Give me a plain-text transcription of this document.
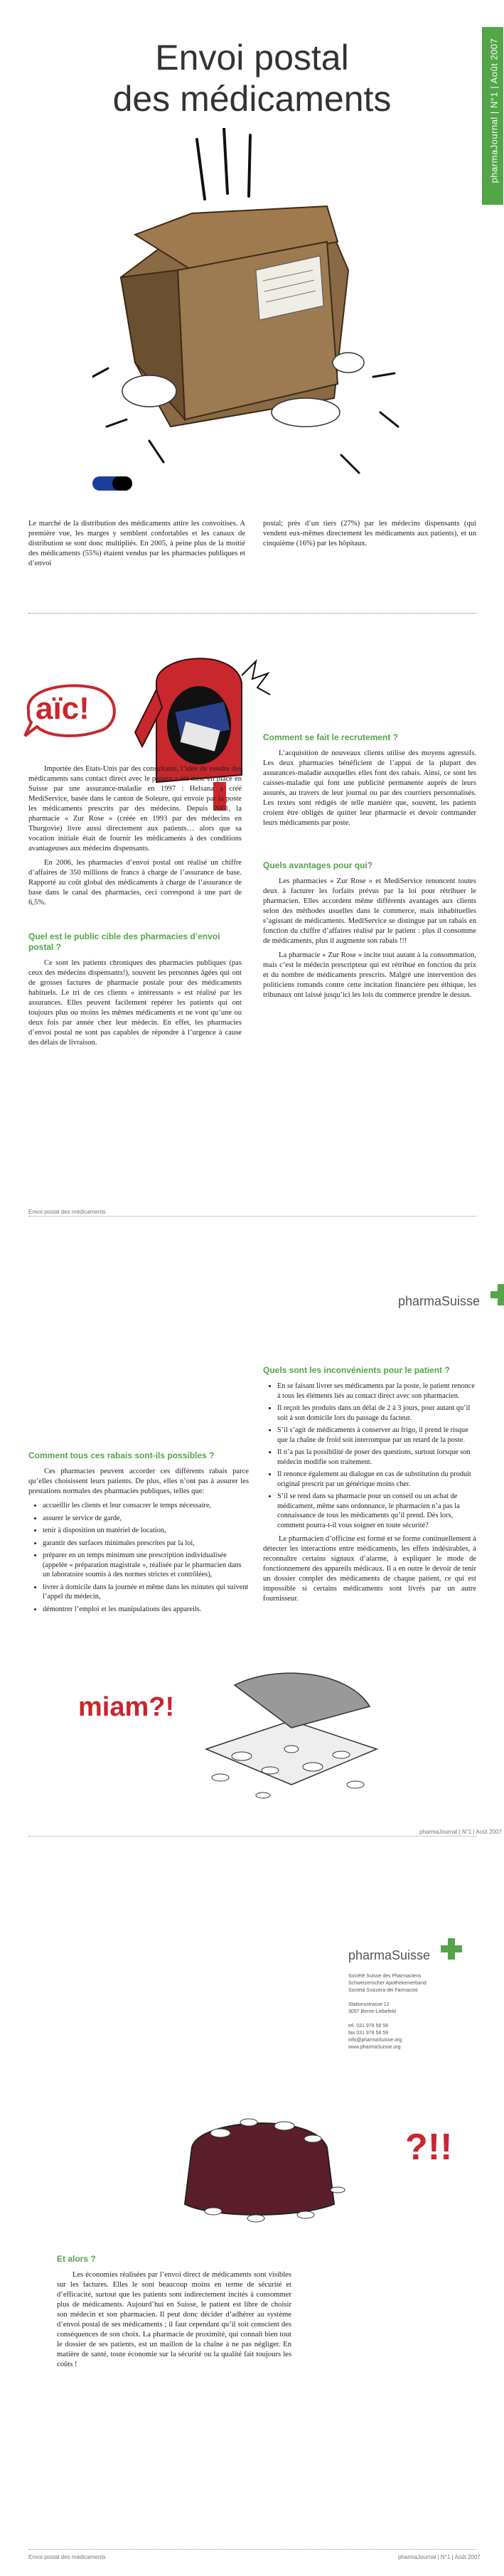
Envoi postal
des médicaments	pharmaJournal | N°1 | Août 2007

Le marché de la distribution des médicaments attire les convoitises. A première vue, les marges y semblent confortables et les canaux de distribution se sont donc multipliés. En 2005, à peine plus de la moitié des médicaments (55%) étaient vendus par les pharmacies publiques et d’envoi

postal; près d’un tiers (27%) par les médecins dispensants (qui vendent eux-mêmes directement les médicaments aux patients), et un cinquième (16%) par les hôpitaux.

aïc!

Importée des Etats-Unis par des consultants, l’idée de vendre des médicaments sans contact direct avec le patient a été mise en place en Suisse par une assurance-maladie en 1997 : Helsana a créé MediService, basée dans le canton de Soleure, qui envoie par la poste les médicaments prescrits par des médecins. Depuis 2001, la pharmacie « Zur Rose » (créée en 1993 par des médecins en Thurgovie) livre aussi directement aux patients… alors que sa vocation initiale était de fournir les médicaments à des conditions avantageuses aux médecins dispensants.

En 2006, les pharmacies d’envoi postal ont réalisé un chiffre d’affaires de 350 millions de francs à charge de l’assurance de base. Rapporté au coût global des médicaments à charge de l’assurance de base dans le canal des pharmacies, ceci correspond à une part de 6,5%.

Quel est le public cible des pharmacies d’envoi postal ?

Ce sont les patients chroniques des pharmacies publiques (pas ceux des médecins dispensants!), souvent les personnes âgées qui ont de grosses factures de pharmacie postale pour des médicaments habituels. Le tri de ces clients « intéressants » est réalisé par les assurances. Elles peuvent facilement repérer les patients qui ont toujours plus ou moins les mêmes médicaments et ne vont qu’une ou deux fois par année chez leur médecin. En effet, les pharmacies d’envoi postal ne sont pas capables de répondre à l’urgence à cause des délais de livraison.

Comment se fait le recrutement ?

L’acquisition de nouveaux clients utilise des moyens agressifs. Les deux pharmacies bénéficient de l’appui de la plupart des assurances-maladie auxquelles elles font des rabais. Ainsi, ce sont les caisses-maladie qui font une publicité permanente auprès de leurs assurés, au travers de leur journal ou par des courriers personnalisés. Les textes sont rédigés de telle manière que, souvent, les patients croient être obligés de quitter leur pharmacie et devoir commander leurs médicaments par poste.

Quels avantages pour qui?

Les pharmacies « Zur Rose » et MediService renoncent toutes deux à facturer les forfaits prévus par la loi pour rétribuer le pharmacien. Elles accordent même différents avantages aux clients selon des méthodes usuelles dans le commerce, mais inhabituelles s’agissant de médicaments. MediService se distingue par un rabais en fonction du chiffre d’affaires réalisé par le patient : plus il consomme de médicaments, plus il augmente son rabais !!!

La pharmacie « Zur Rose » incite tout autant à la consommation, mais c’est le médecin prescripteur qui est rétribué en fonction du prix et du nombre de médicaments prescrits. Malgré une intervention des politiciens romands contre cette incitation financière peu éthique, les tribunaux ont laissé jusqu’ici les lois du commerce prendre le dessus.

Envoi postal des médicaments
pharmaSuisse
Comment tous ces rabais sont-ils possibles ?

Ces pharmacies peuvent accorder ces différents rabais parce qu’elles choisissent leurs patients. De plus, elles n’ont pas à assurer les prestations normales des pharmacies publiques, telles que:

• accueillir les clients et leur consacrer le temps nécessaire,
• assurer le service de garde,
• tenir à disposition un matériel de location,
• garantir des surfaces minimales prescrites par la loi,
• préparer en un temps minimum une prescription individualisée (appelée « préparation magistrale », réalisée par le pharmacien dans un laboratoire soumis à des normes strictes et contrôlées),
• livrer à domicile dans la journée et même dans les minutes qui suivent l’appel du médecin,
• démontrer l’emploi et les manipulations des appareils.
Quels sont les inconvénients pour le patient ?
• En se faisant livrer ses médicaments par la poste, le patient renonce à tous les éléments liés au contact direct avec son pharmacien.
• Il reçoit les produits dans un délai de 2 à 3 jours, pour autant qu’il soit à son domicile lors du passage du facteur.
• S’il s’agit de médicaments à conserver au frigo, il prend le risque que la chaîne de froid soit interrompue par un retard de la poste.
• Il n’a pas la possibilité de poser des questions, surtout lorsque son médecin modifie son traitement.
• Il renonce également au dialogue en cas de substitution du produit original prescrit par un générique moins cher.
• S’il se rend dans sa pharmacie pour un conseil ou un achat de médicament, même sans ordonnance, le pharmacien n’a pas la connaissance de tous les médicaments qu’il prend. Dès lors, comment pourra-t-il vous soigner en toute sécurité?

Le pharmacien d’officine est formé et se forme continuellement à détecter les interactions entre médicaments, les effets indésirables, à reconnaître certains signaux d’alarme, à expliquer le mode de fonctionnement des appareils médicaux. Il a en outre le devoir de tenir un dossier complet des médicaments de chaque patient, ce qui est impossible si certains médicaments sont livrés par un autre fournisseur.

miam?!
pharmaJournal | N°1 | Août 2007
pharmaSuisse
Société Suisse des Pharmaciens
Schweizerischer Apothekerverband
Società Svizzera dei Farmacisti
Stationsstrasse 12
3097 Berne-Liebefeld
tel. 031 978 58 58
fax 031 978 58 59
info@pharmaSuisse.org
www.pharmaSuisse.org
?!!
Et alors ?

Les économies réalisées par l’envoi direct de médicaments sont visibles sur les factures. Elles le sont beaucoup moins en terme de sécurité et d’efficacité, surtout que les patients sont indirectement incités à consommer plus de médicaments. Aujourd’hui en Suisse, le patient est libre de choisir son médecin et son pharmacien. Il peut donc décider d’adhérer au système d’envoi postal de ses médicaments ; il faut cependant qu’il soit conscient des conséquences de son choix. La pharmacie de proximité, qui connaît bien tout le dossier de ses patients, est un maillon de la chaîne à ne pas négliger. En matière de santé, toute économie sur la sécurité ou la qualité fait toujours les coûts !

Envoi postal des médicaments	pharmaJournal | N°1 | Août 2007
